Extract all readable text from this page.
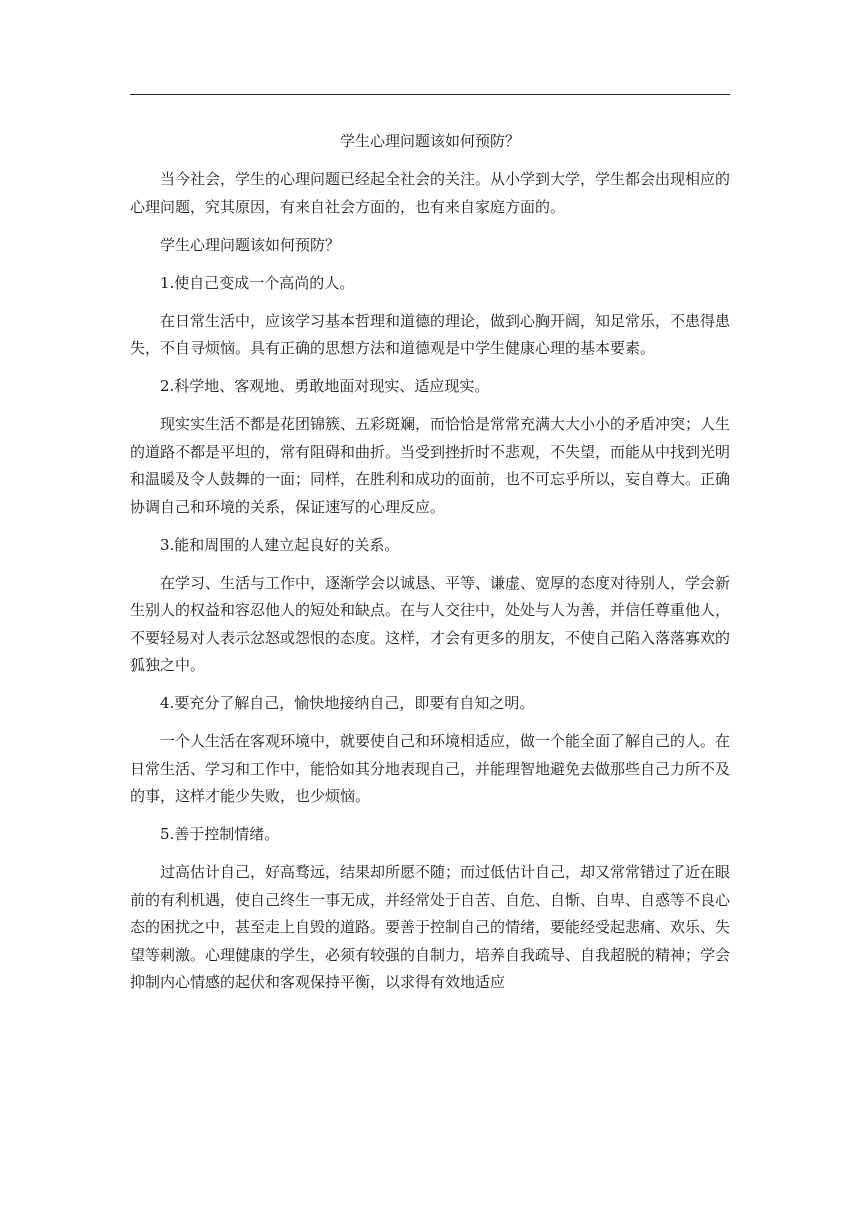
学生心理问题该如何预防？

当今社会，学生的心理问题已经起全社会的关注。从小学到大学，学生都会出现相应的心理问题，究其原因，有来自社会方面的，也有来自家庭方面的。

学生心理问题该如何预防？

1.使自己变成一个高尚的人。

在日常生活中，应该学习基本哲理和道德的理论，做到心胸开阔，知足常乐，不患得患失，不自寻烦恼。具有正确的思想方法和道德观是中学生健康心理的基本要素。

2.科学地、客观地、勇敢地面对现实、适应现实。

现实实生活不都是花团锦簇、五彩斑斓，而恰恰是常常充满大大小小的矛盾冲突；人生的道路不都是平坦的，常有阻碍和曲折。当受到挫折时不悲观，不失望，而能从中找到光明和温暖及令人鼓舞的一面；同样，在胜利和成功的面前，也不可忘乎所以，妄自尊大。正确协调自己和环境的关系，保证速写的心理反应。

3.能和周围的人建立起良好的关系。

在学习、生活与工作中，逐渐学会以诚恳、平等、谦虚、宽厚的态度对待别人，学会新生别人的权益和容忍他人的短处和缺点。在与人交往中，处处与人为善，并信任尊重他人，不要轻易对人表示忿怒或怨恨的态度。这样，才会有更多的朋友，不使自己陷入落落寡欢的狐独之中。

4.要充分了解自己，愉快地接纳自己，即要有自知之明。

一个人生活在客观环境中，就要使自己和环境相适应，做一个能全面了解自己的人。在日常生活、学习和工作中，能恰如其分地表现自己，并能理智地避免去做那些自己力所不及的事，这样才能少失败，也少烦恼。

5.善于控制情绪。

过高估计自己，好高骛远，结果却所愿不随；而过低估计自己，却又常常错过了近在眼前的有利机遇，使自己终生一事无成，并经常处于自苦、自危、自惭、自卑、自惑等不良心态的困扰之中，甚至走上自毁的道路。要善于控制自己的情绪，要能经受起悲痛、欢乐、失望等刺激。心理健康的学生，必须有较强的自制力，培养自我疏导、自我超脱的精神；学会抑制内心情感的起伏和客观保持平衡，以求得有效地适应
